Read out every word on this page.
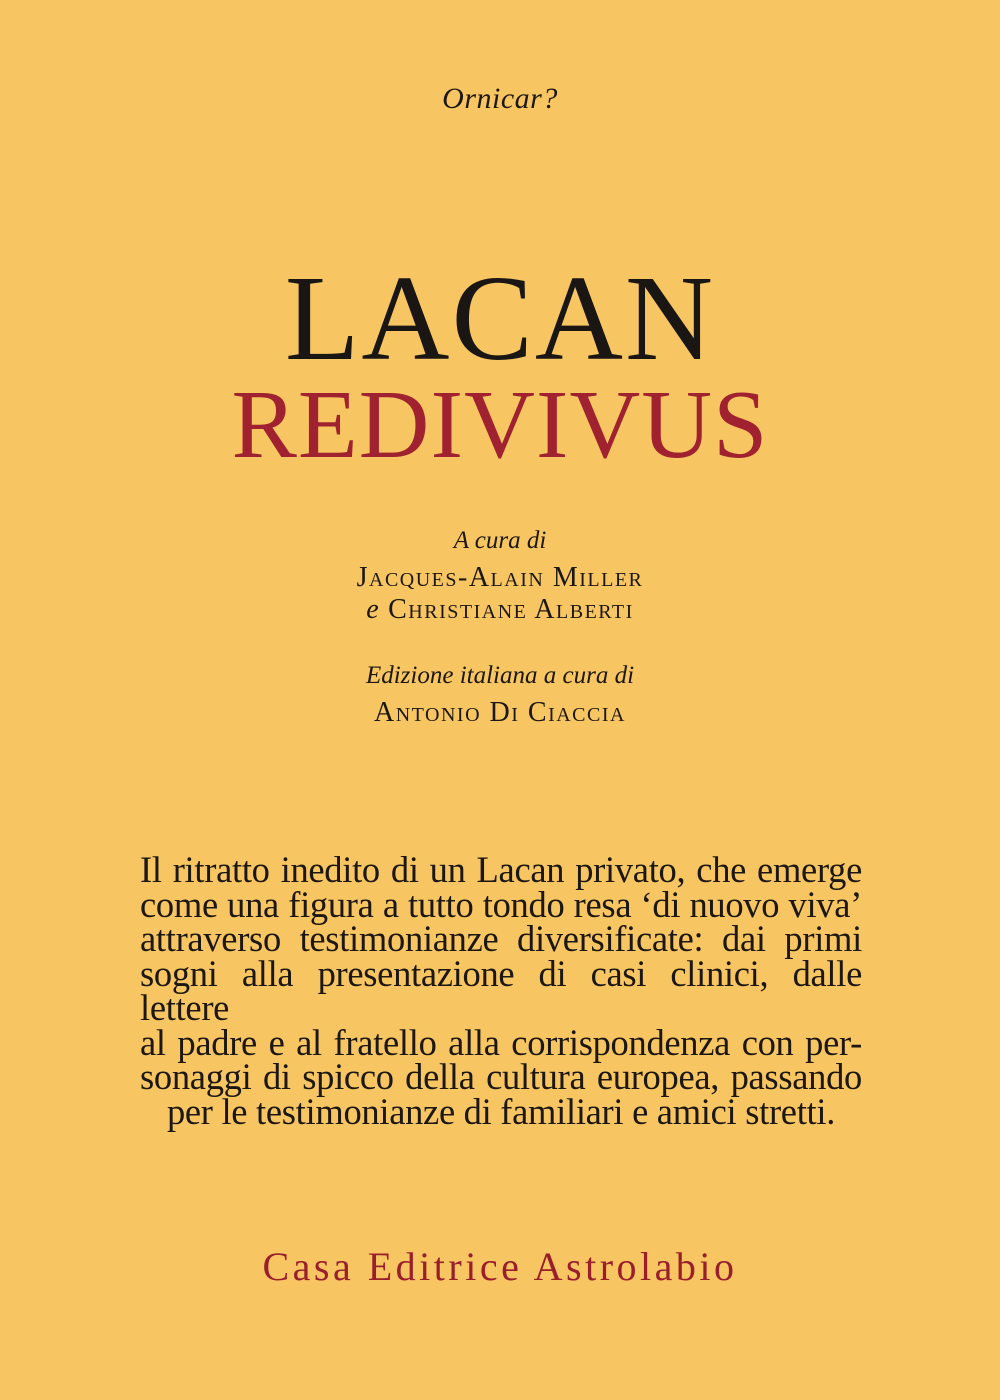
Ornicar?
LACAN
REDIVIVUS
A cura di
Jacques-Alain Miller
e Christiane Alberti
Edizione italiana a cura di
Antonio Di Ciaccia
Il ritratto inedito di un Lacan privato, che emerge
come una figura a tutto tondo resa ‘di nuovo viva’
attraverso testimonianze diversificate: dai primi
sogni alla presentazione di casi clinici, dalle lettere
al padre e al fratello alla corrispondenza con per-
sonaggi di spicco della cultura europea, passando
per le testimonianze di familiari e amici stretti.
Casa Editrice Astrolabio
